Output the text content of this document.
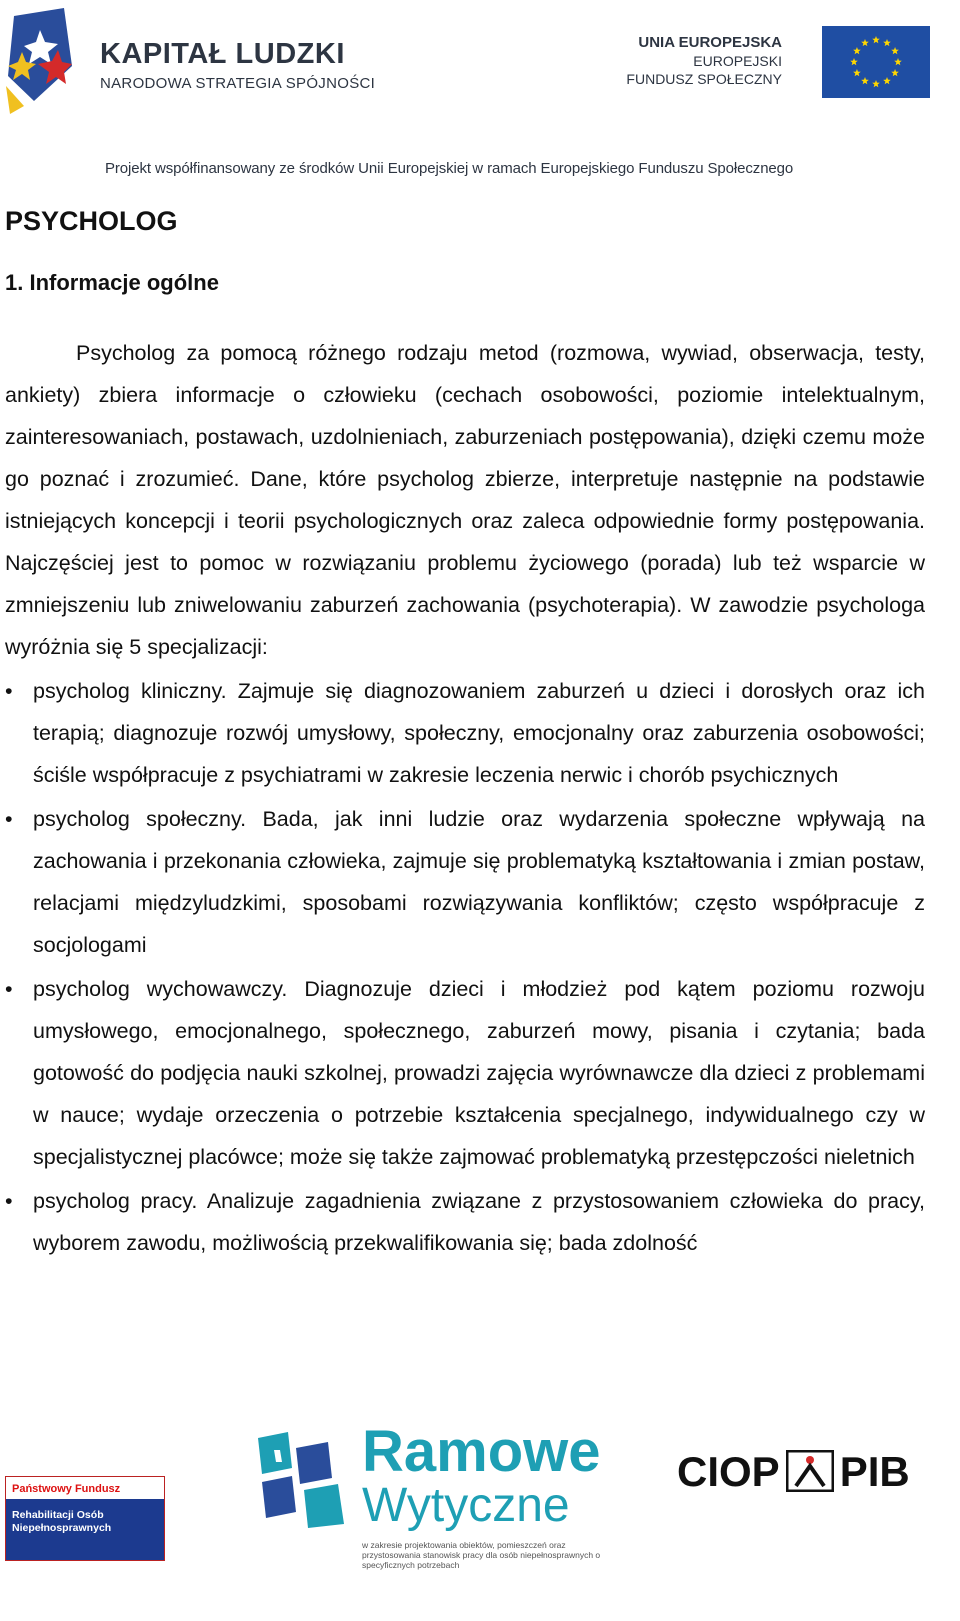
KAPITAŁ LUDZKI
NARODOWA STRATEGIA SPÓJNOŚCI
UNIA EUROPEJSKA
EUROPEJSKI
FUNDUSZ SPOŁECZNY
Projekt współfinansowany ze środków Unii Europejskiej w ramach Europejskiego Funduszu Społecznego
PSYCHOLOG
1. Informacje ogólne

Psycholog za pomocą różnego rodzaju metod (rozmowa, wywiad, obserwacja, testy, ankiety) zbiera informacje o człowieku (cechach osobowości, poziomie intelektualnym, zainteresowaniach, postawach, uzdolnieniach, zaburzeniach postępowania), dzięki czemu może go poznać i zrozumieć. Dane, które psycholog zbierze, interpretuje następnie na podstawie istniejących koncepcji i teorii psychologicznych oraz zaleca odpowiednie formy postępowania. Najczęściej jest to pomoc w rozwiązaniu problemu życiowego (porada) lub też wsparcie w zmniejszeniu lub zniwelowaniu zaburzeń zachowania (psychoterapia). W zawodzie psychologa wyróżnia się 5 specjalizacji:

• psycholog kliniczny. Zajmuje się diagnozowaniem zaburzeń u dzieci i dorosłych oraz ich terapią; diagnozuje rozwój umysłowy, społeczny, emocjonalny oraz zaburzenia osobowości; ściśle współpracuje z psychiatrami w zakresie leczenia nerwic i chorób psychicznych
• psycholog społeczny. Bada, jak inni ludzie oraz wydarzenia społeczne wpływają na zachowania i przekonania człowieka, zajmuje się problematyką kształtowania i zmian postaw, relacjami międzyludzkimi, sposobami rozwiązywania konfliktów; często współpracuje z socjologami
• psycholog wychowawczy. Diagnozuje dzieci i młodzież pod kątem poziomu rozwoju umysłowego, emocjonalnego, społecznego, zaburzeń mowy, pisania i czytania; bada gotowość do podjęcia nauki szkolnej, prowadzi zajęcia wyrównawcze dla dzieci z problemami w nauce; wydaje orzeczenia o potrzebie kształcenia specjalnego, indywidualnego czy w specjalistycznej placówce; może się także zajmować problematyką przestępczości nieletnich
• psycholog pracy. Analizuje zagadnienia związane z przystosowaniem człowieka do pracy, wyborem zawodu, możliwością przekwalifikowania się; bada zdolność
Państwowy Fundusz
Rehabilitacji Osób
Niepełnosprawnych
Ramowe
Wytyczne
w zakresie projektowania obiektów, pomieszczeń oraz przystosowania stanowisk pracy dla osób niepełnosprawnych o specyficznych potrzebach
CIOP PIB
